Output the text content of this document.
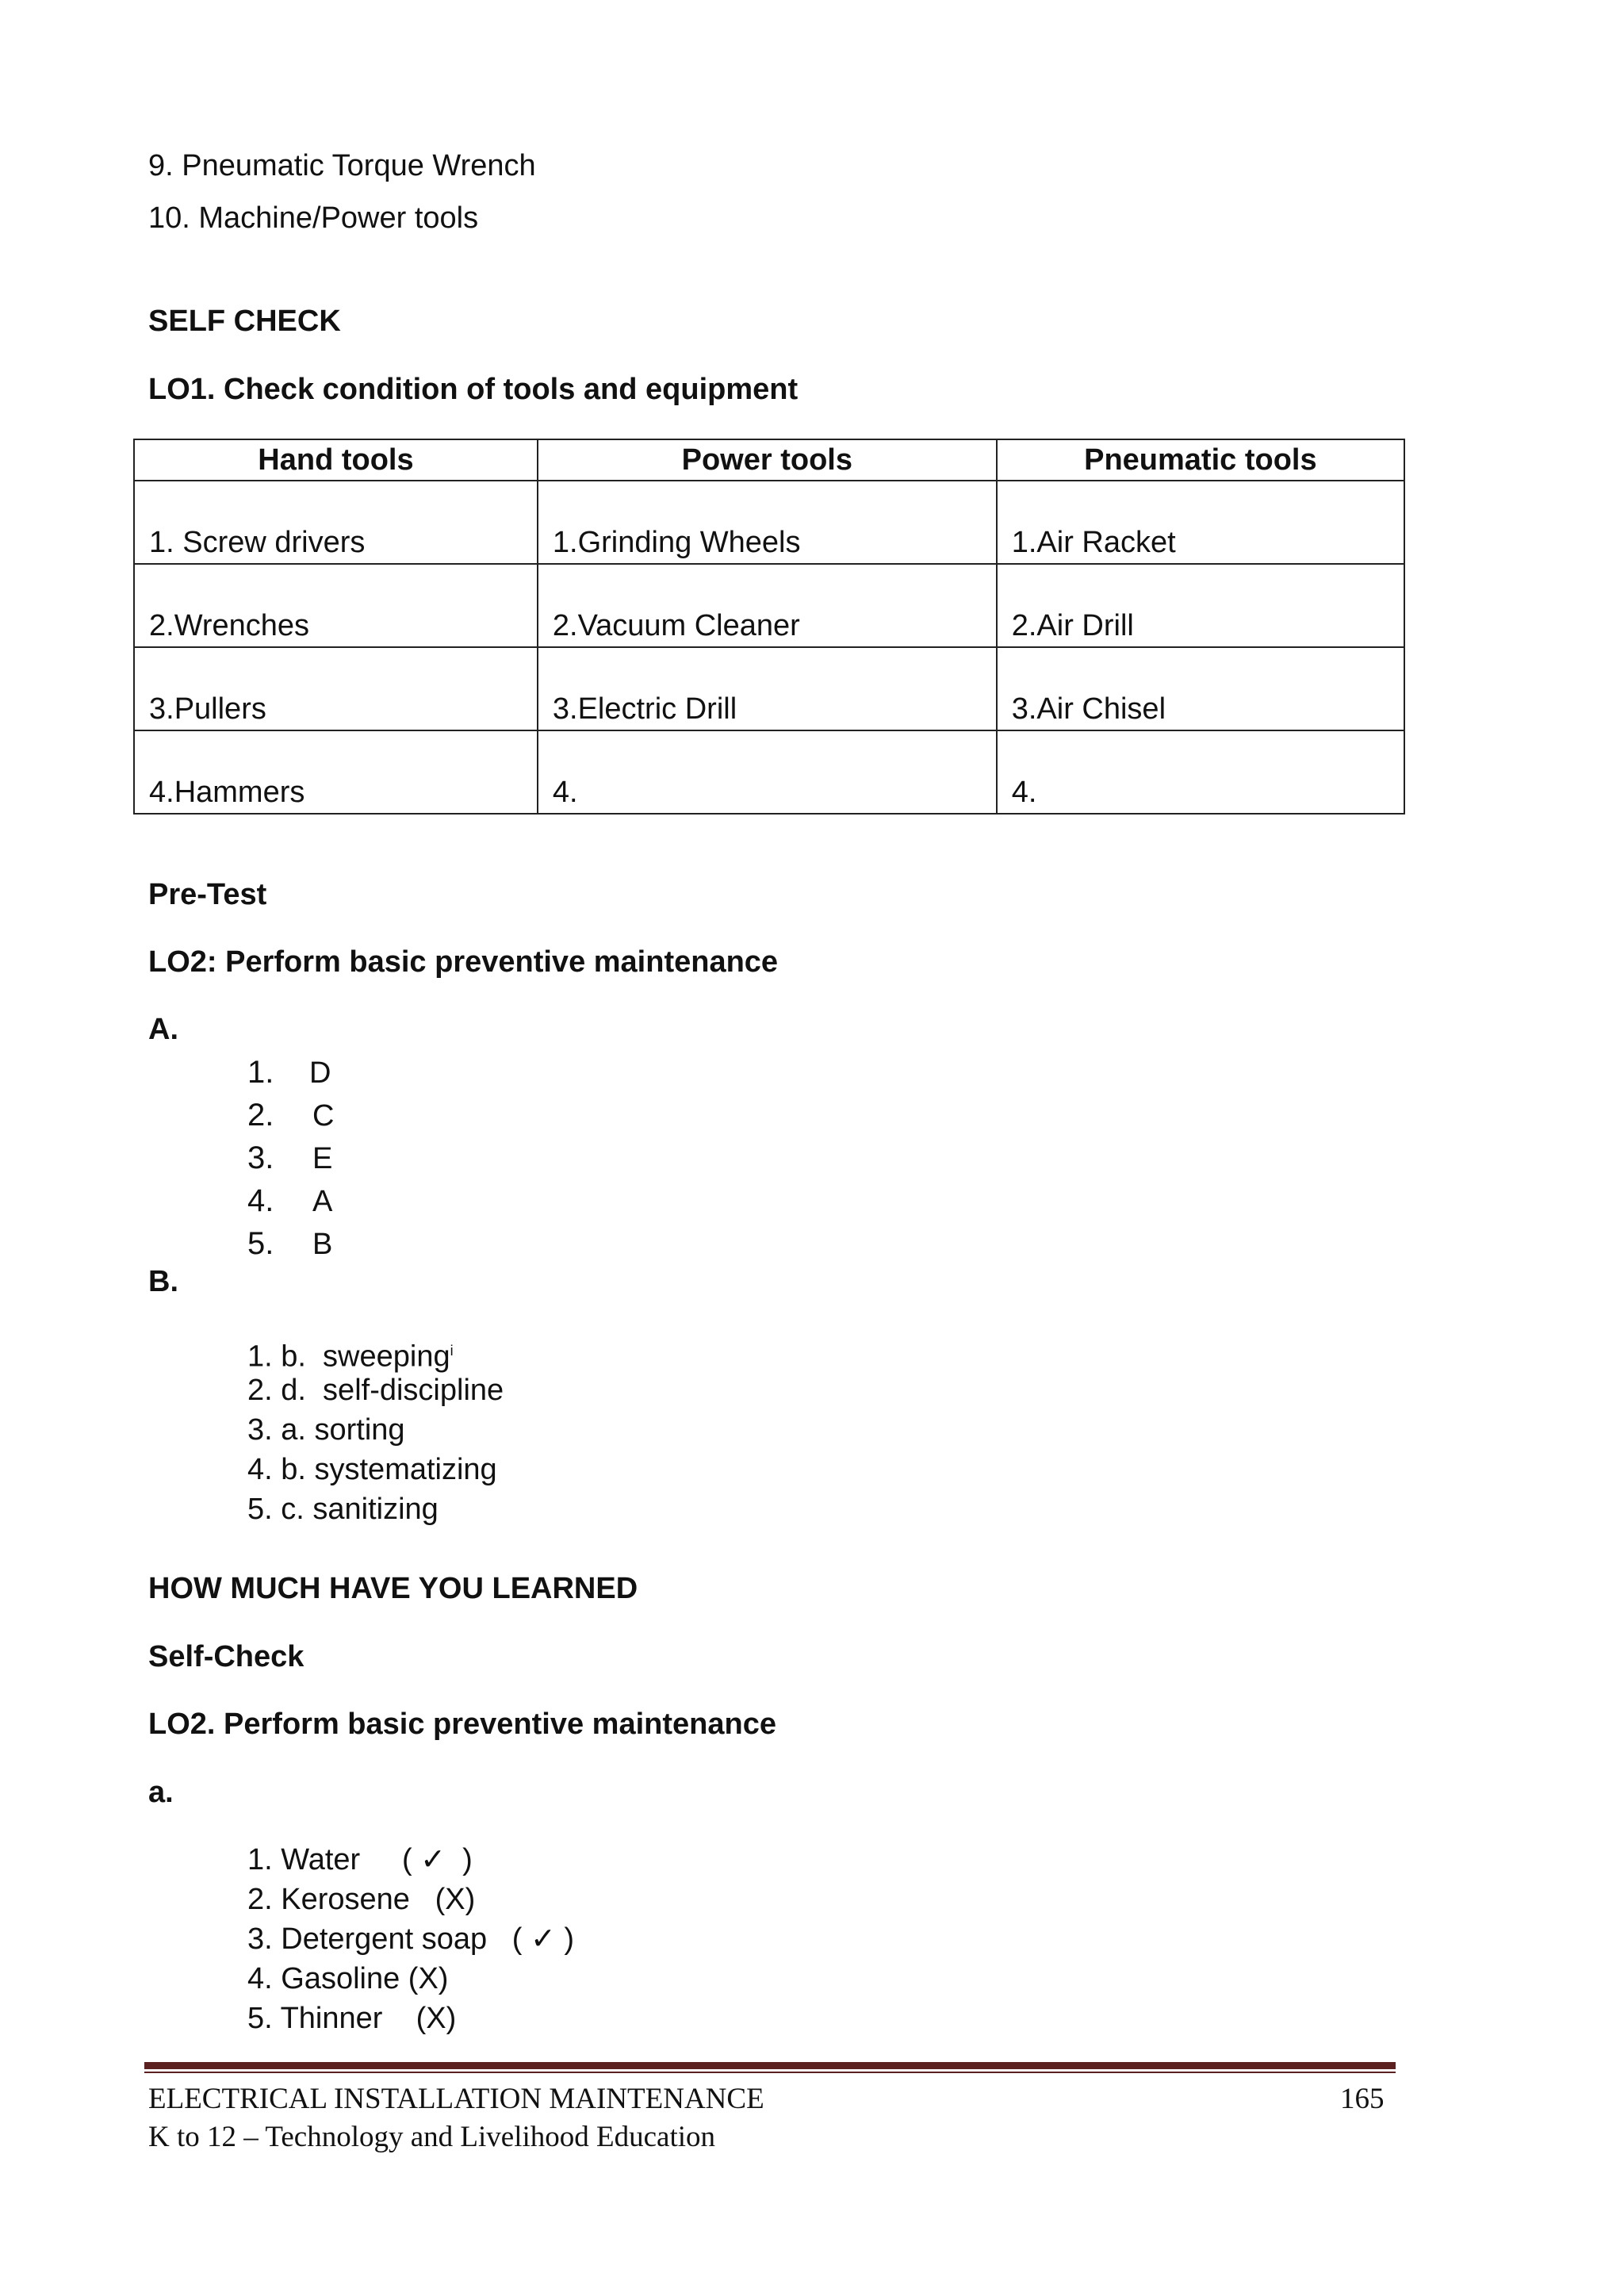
9. Pneumatic Torque Wrench
10. Machine/Power tools
SELF CHECK
LO1. Check condition of tools and equipment
Hand tools	Power tools	Pneumatic tools
1. Screw drivers	1.Grinding Wheels	1.Air Racket
2.Wrenches	2.Vacuum Cleaner	2.Air Drill
3.Pullers	3.Electric Drill	3.Air Chisel
4.Hammers	4.	4.
Pre-Test
LO2: Perform basic preventive maintenance
A.
1. D
2. C
3. E
4. A
5. B
B.
1. b.  sweeping$^i$
2. d.  self-discipline
3. a. sorting
4. b. systematizing
5. c. sanitizing
HOW MUCH HAVE YOU LEARNED
Self-Check
LO2. Perform basic preventive maintenance
a.
1. Water     ( ✓  )
2. Kerosene   (X)
3. Detergent soap   ( ✓ )
4. Gasoline (X)
5. Thinner    (X)
ELECTRICAL INSTALLATION MAINTENANCE
K to 12 – Technology and Livelihood Education
165
